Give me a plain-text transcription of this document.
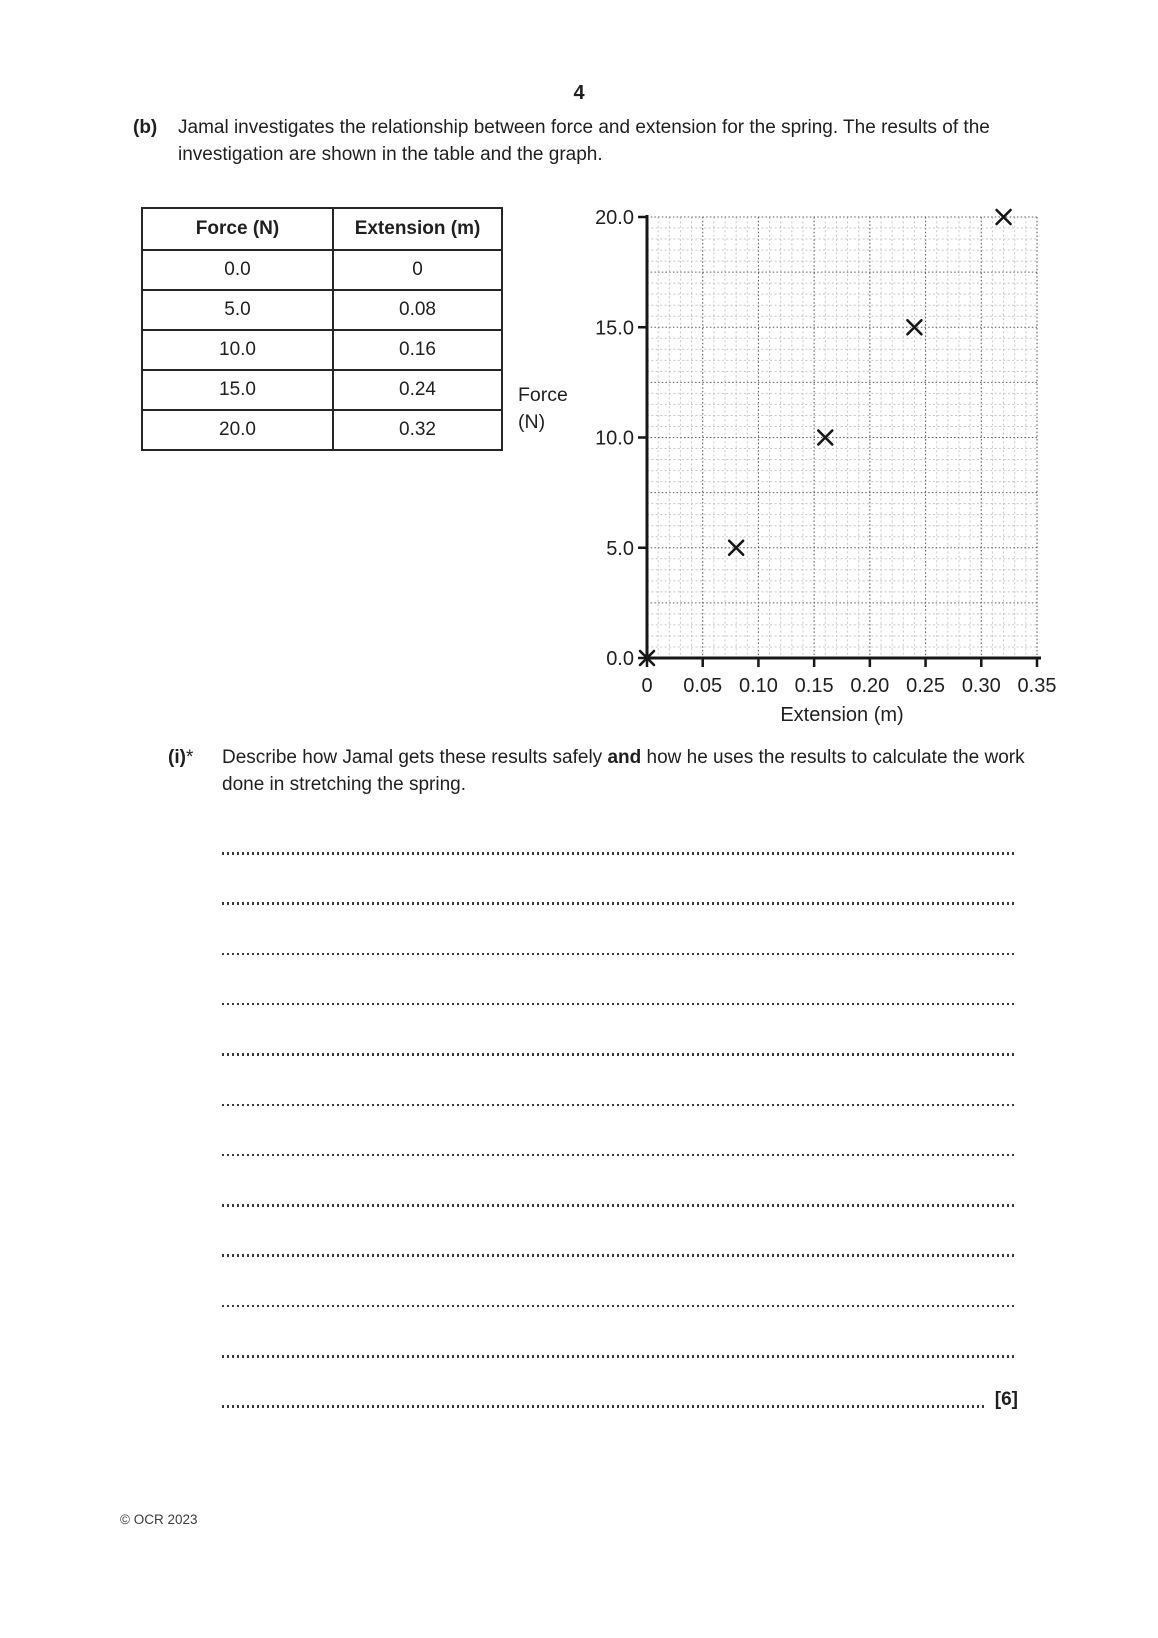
4
(b)	Jamal investigates the relationship between force and extension for the spring. The results of the investigation are shown in the table and the graph.
Force (N)	Extension (m)
0.0	0
5.0	0.08
10.0	0.16
15.0	0.24
20.0	0.32
Force
(N)
0.0
5.0
10.0
15.0
20.0
0 0.05 0.10 0.15 0.20 0.25 0.30 0.35
Extension (m)
(i)*	Describe how Jamal gets these results safely and how he uses the results to calculate the work done in stretching the spring.
[6]
© OCR 2023
